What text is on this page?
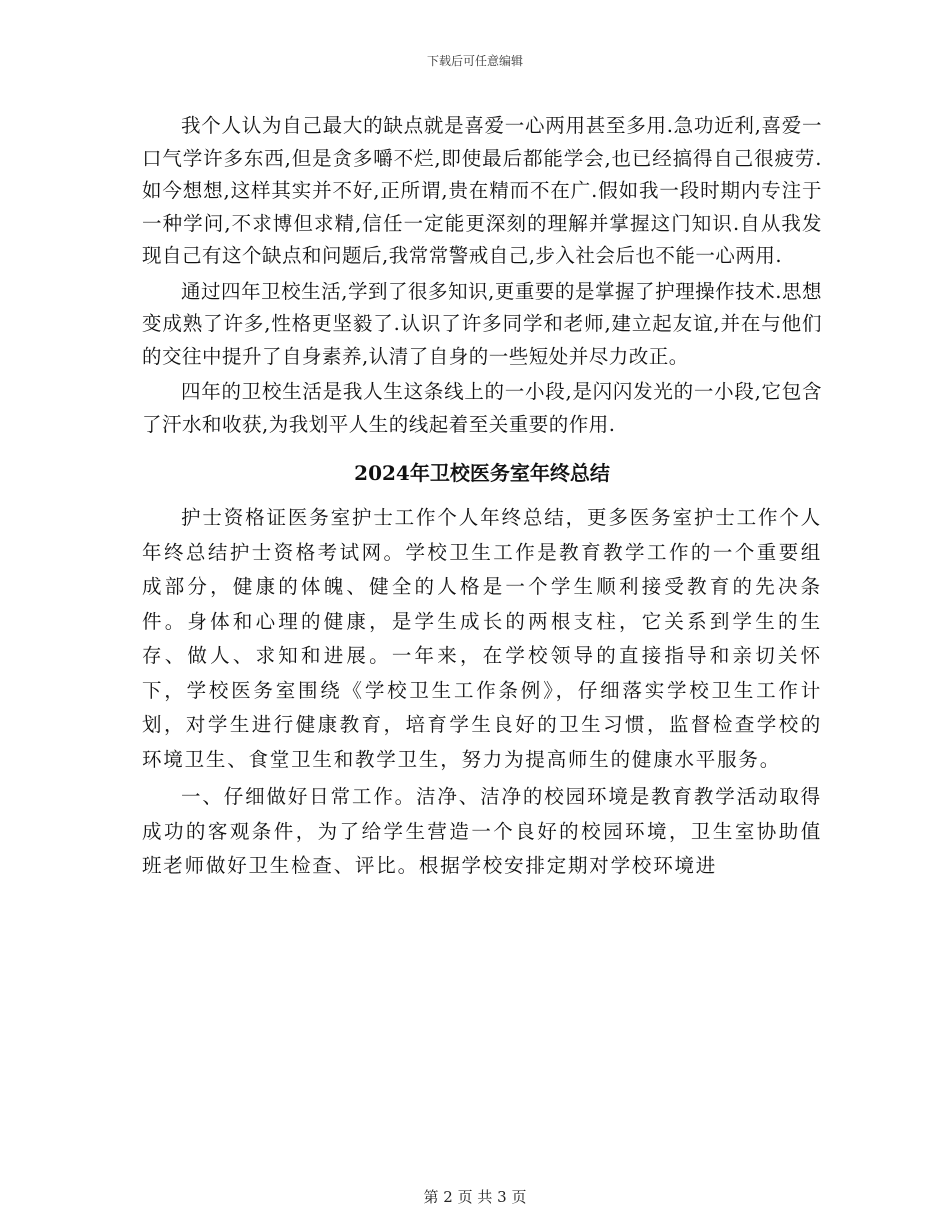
下载后可任意编辑

我个人认为自己最大的缺点就是喜爱一心两用甚至多用.急功近利,喜爱一口气学许多东西,但是贪多嚼不烂,即使最后都能学会,也已经搞得自己很疲劳.如今想想,这样其实并不好,正所谓,贵在精而不在广.假如我一段时期内专注于一种学问,不求博但求精,信任一定能更深刻的理解并掌握这门知识.自从我发现自己有这个缺点和问题后,我常常警戒自己,步入社会后也不能一心两用.

通过四年卫校生活,学到了很多知识,更重要的是掌握了护理操作技术.思想变成熟了许多,性格更坚毅了.认识了许多同学和老师,建立起友谊,并在与他们的交往中提升了自身素养,认清了自身的一些短处并尽力改正。

四年的卫校生活是我人生这条线上的一小段,是闪闪发光的一小段,它包含了汗水和收获,为我划平人生的线起着至关重要的作用.

2024年卫校医务室年终总结

护士资格证医务室护士工作个人年终总结，更多医务室护士工作个人年终总结护士资格考试网。学校卫生工作是教育教学工作的一个重要组成部分，健康的体魄、健全的人格是一个学生顺利接受教育的先决条件。身体和心理的健康，是学生成长的两根支柱，它关系到学生的生存、做人、求知和进展。一年来，在学校领导的直接指导和亲切关怀下，学校医务室围绕《学校卫生工作条例》，仔细落实学校卫生工作计划，对学生进行健康教育，培育学生良好的卫生习惯，监督检查学校的环境卫生、食堂卫生和教学卫生，努力为提高师生的健康水平服务。

一、仔细做好日常工作。洁净、洁净的校园环境是教育教学活动取得成功的客观条件，为了给学生营造一个良好的校园环境，卫生室协助值班老师做好卫生检查、评比。根据学校安排定期对学校环境进

第 2 页 共 3 页
